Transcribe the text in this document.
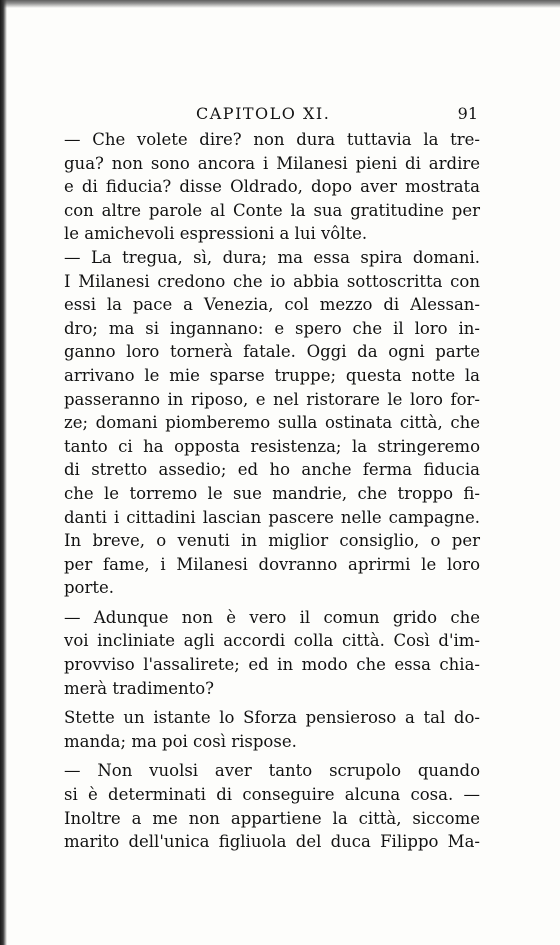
CAPITOLO XI.	91
— Che volete dire? non dura tuttavia la tre-
gua? non sono ancora i Milanesi pieni di ardire
e di fiducia? disse Oldrado, dopo aver mostrata
con altre parole al Conte la sua gratitudine per
le amichevoli espressioni a lui vôlte.
— La tregua, sì, dura; ma essa spira domani.
I Milanesi credono che io abbia sottoscritta con
essi la pace a Venezia, col mezzo di Alessan-
dro; ma si ingannano: e spero che il loro in-
ganno loro tornerà fatale. Oggi da ogni parte
arrivano le mie sparse truppe; questa notte la
passeranno in riposo, e nel ristorare le loro for-
ze; domani piomberemo sulla ostinata città, che
tanto ci ha opposta resistenza; la stringeremo
di stretto assedio; ed ho anche ferma fiducia
che le torremo le sue mandrie, che troppo fi-
danti i cittadini lascian pascere nelle campagne.
In breve, o venuti in miglior consiglio, o per
per fame, i Milanesi dovranno aprirmi le loro
porte.
— Adunque non è vero il comun grido che
voi incliniate agli accordi colla città. Così d'im-
provviso l'assalirete; ed in modo che essa chia-
merà tradimento?
Stette un istante lo Sforza pensieroso a tal do-
manda; ma poi così rispose.
— Non vuolsi aver tanto scrupolo quando
si è determinati di conseguire alcuna cosa. —
Inoltre a me non appartiene la città, siccome
marito dell'unica figliuola del duca Filippo Ma-
